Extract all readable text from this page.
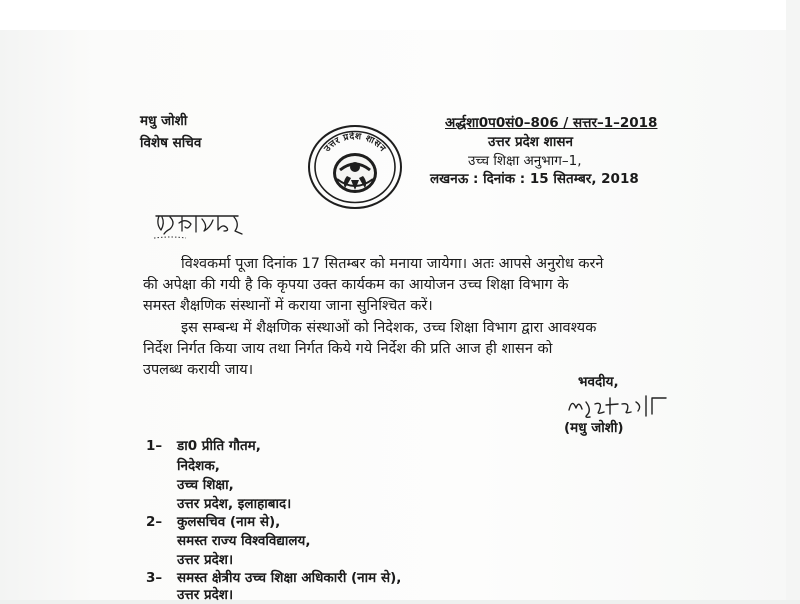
मधु जोशी
विशेष सचिव	उत्तर प्रदेश शासन
अर्द्धशा0प0सं0–806 / सत्तर–1–2018
उत्तर प्रदेश शासन
उच्च शिक्षा अनुभाग–1,
लखनऊ : दिनांक : 15 सितम्बर, 2018
विश्वकर्मा पूजा दिनांक 17 सितम्बर को मनाया जायेगा। अतः आपसे अनुरोध करने
की अपेक्षा की गयी है कि कृपया उक्त कार्यकम का आयोजन उच्च शिक्षा विभाग के
समस्त शैक्षणिक संस्थानों में कराया जाना सुनिश्चित करें।
इस सम्बन्ध में शैक्षणिक संस्थाओं को निदेशक, उच्च शिक्षा विभाग द्वारा आवश्यक
निर्देश निर्गत किया जाय तथा निर्गत किये गये निर्देश की प्रति आज ही शासन को
उपलब्ध करायी जाय।
भवदीय,
(मधु जोशी)
1– डा0 प्रीति गौतम,
निदेशक,
उच्च शिक्षा,
उत्तर प्रदेश, इलाहाबाद।
2– कुलसचिव (नाम से),
समस्त राज्य विश्वविद्यालय,
उत्तर प्रदेश।
3– समस्त क्षेत्रीय उच्च शिक्षा अधिकारी (नाम से),
उत्तर प्रदेश।
